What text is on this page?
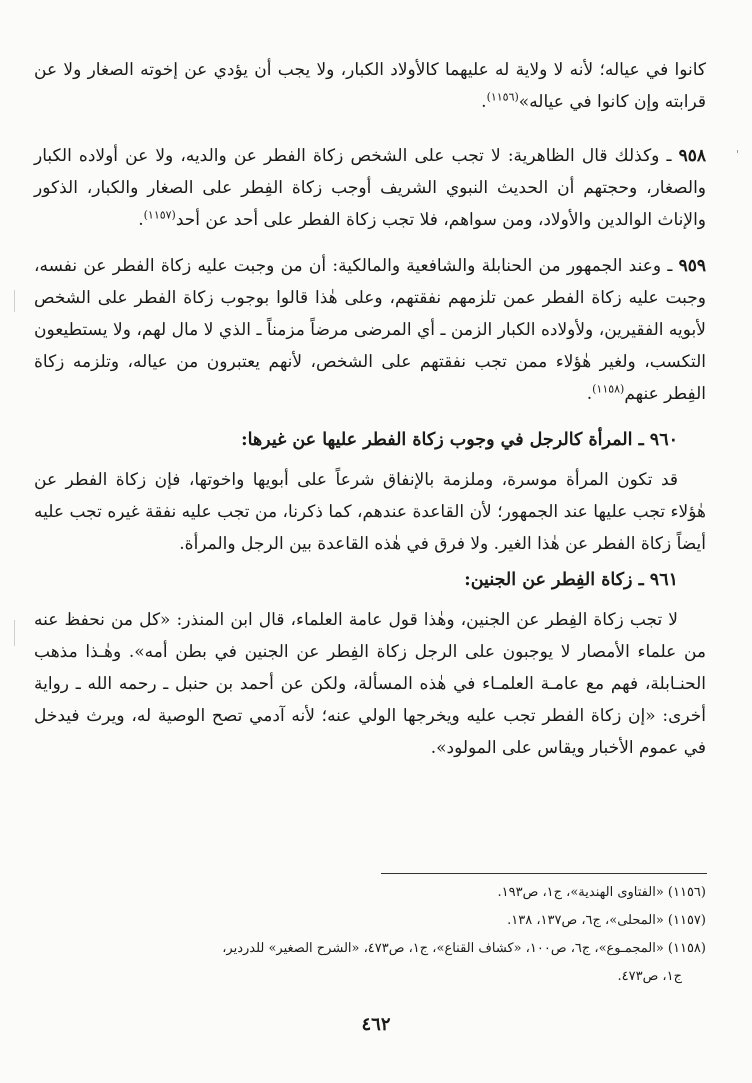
كانوا في عياله؛ لأنه لا ولاية له عليهما كالأولاد الكبار، ولا يجب أن يؤدي عن إخوته الصغار ولا عن قرابته وإن كانوا في عياله»$^{(١١٥٦)}$.

٩٥٨ ـ وكذلك قال الظاهرية: لا تجب على الشخص زكاة الفطر عن والديه، ولا عن أولاده الكبار والصغار، وحجتهم أن الحديث النبوي الشريف أوجب زكاة الفِطر على الصغار والكبار، الذكور والإناث الوالدين والأولاد، ومن سواهم، فلا تجب زكاة الفطر على أحد عن أحد$^{(١١٥٧)}$.

٩٥٩ ـ وعند الجمهور من الحنابلة والشافعية والمالكية: أن من وجبت عليه زكاة الفطر عن نفسه، وجبت عليه زكاة الفطر عمن تلزمهم نفقتهم، وعلى هٰذا قالوا بوجوب زكاة الفطر على الشخص لأبويه الفقيرين، ولأولاده الكبار الزمن ـ أي المرضى مرضاً مزمناً ـ الذي لا مال لهم، ولا يستطيعون التكسب، ولغير هٰؤلاء ممن تجب نفقتهم على الشخص، لأنهم يعتبرون من عياله، وتلزمه زكاة الفِطر عنهم$^{(١١٥٨)}$.

٩٦٠ ـ المرأة كالرجل في وجوب زكاة الفطر عليها عن غيرها:

قد تكون المرأة موسرة، وملزمة بالإنفاق شرعاً على أبويها واخوتها، فإن زكاة الفطر عن هٰؤلاء تجب عليها عند الجمهور؛ لأن القاعدة عندهم، كما ذكرنا، من تجب عليه نفقة غيره تجب عليه أيضاً زكاة الفطر عن هٰذا الغير. ولا فرق في هٰذه القاعدة بين الرجل والمرأة.

٩٦١ ـ زكاة الفِطر عن الجنين:

لا تجب زكاة الفِطر عن الجنين، وهٰذا قول عامة العلماء، قال ابن المنذر: «كل من نحفظ عنه من علماء الأمصار لا يوجبون على الرجل زكاة الفِطر عن الجنين في بطن أمه». وهٰـذا مذهب الحنـابلة، فهم مع عامـة العلمـاء في هٰذه المسألة، ولكن عن أحمد بن حنبل ـ رحمه الله ـ رواية أخرى: «إن زكاة الفطر تجب عليه ويخرجها الولي عنه؛ لأنه آدمي تصح الوصية له، ويرث فيدخل في عموم الأخبار ويقاس على المولود».

(١١٥٦) «الفتاوى الهندية»، ج١، ص١٩٣.

(١١٥٧) «المحلى»، ج٦، ص١٣٧، ١٣٨.

(١١٥٨) «المجمـوع»، ج٦، ص١٠٠، «كشاف القناع»، ج١، ص٤٧٣، «الشرح الصغير» للدردير،

ج١، ص٤٧٣.

٤٦٢
